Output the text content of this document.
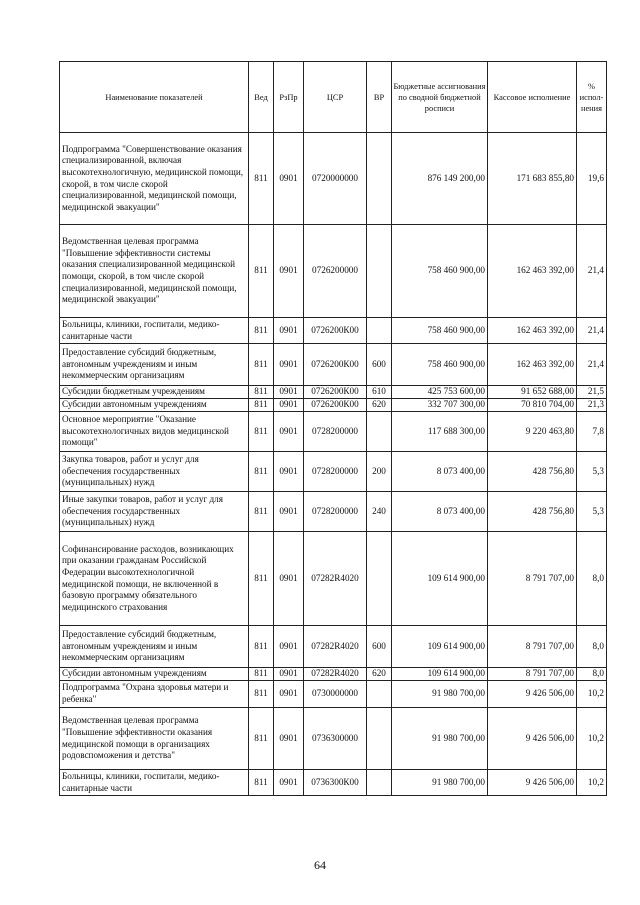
Наименование показателей	Вед	РзПр	ЦСР	ВР	Бюджетные ассигнования по сводной бюджетной росписи	Кассовое исполнение	% испол-нения
Подпрограмма "Совершенствование оказания специализированной, включая высокотехнологичную, медицинской помощи, скорой, в том числе скорой специализированной, медицинской помощи, медицинской эвакуации"	811	0901	0720000000		876 149 200,00	171 683 855,80	19,6
Ведомственная целевая программа "Повышение эффективности системы оказания специализированной медицинской помощи, скорой, в том числе скорой специализированной, медицинской помощи, медицинской эвакуации"	811	0901	0726200000		758 460 900,00	162 463 392,00	21,4
Больницы, клиники, госпитали, медико-санитарные части	811	0901	0726200К00		758 460 900,00	162 463 392,00	21,4
Предоставление субсидий бюджетным, автономным учреждениям и иным некоммерческим организациям	811	0901	0726200К00	600	758 460 900,00	162 463 392,00	21,4
Субсидии бюджетным учреждениям	811	0901	0726200К00	610	425 753 600,00	91 652 688,00	21,5
Субсидии автономным учреждениям	811	0901	0726200К00	620	332 707 300,00	70 810 704,00	21,3
Основное мероприятие "Оказание высокотехнологичных видов медицинской помощи"	811	0901	0728200000		117 688 300,00	9 220 463,80	7,8
Закупка товаров, работ и услуг для обеспечения государственных (муниципальных) нужд	811	0901	0728200000	200	8 073 400,00	428 756,80	5,3
Иные закупки товаров, работ и услуг для обеспечения государственных (муниципальных) нужд	811	0901	0728200000	240	8 073 400,00	428 756,80	5,3
Софинансирование расходов, возникающих при оказании гражданам Российской Федерации высокотехнологичной медицинской помощи, не включенной в базовую программу обязательного медицинского страхования	811	0901	07282R4020		109 614 900,00	8 791 707,00	8,0
Предоставление субсидий бюджетным, автономным учреждениям и иным некоммерческим организациям	811	0901	07282R4020	600	109 614 900,00	8 791 707,00	8,0
Субсидии автономным учреждениям	811	0901	07282R4020	620	109 614 900,00	8 791 707,00	8,0
Подпрограмма "Охрана здоровья матери и ребенка"	811	0901	0730000000		91 980 700,00	9 426 506,00	10,2
Ведомственная целевая программа "Повышение эффективности оказания медицинской помощи в организациях родовспоможения и детства"	811	0901	0736300000		91 980 700,00	9 426 506,00	10,2
Больницы, клиники, госпитали, медико-санитарные части	811	0901	0736300К00		91 980 700,00	9 426 506,00	10,2
64
